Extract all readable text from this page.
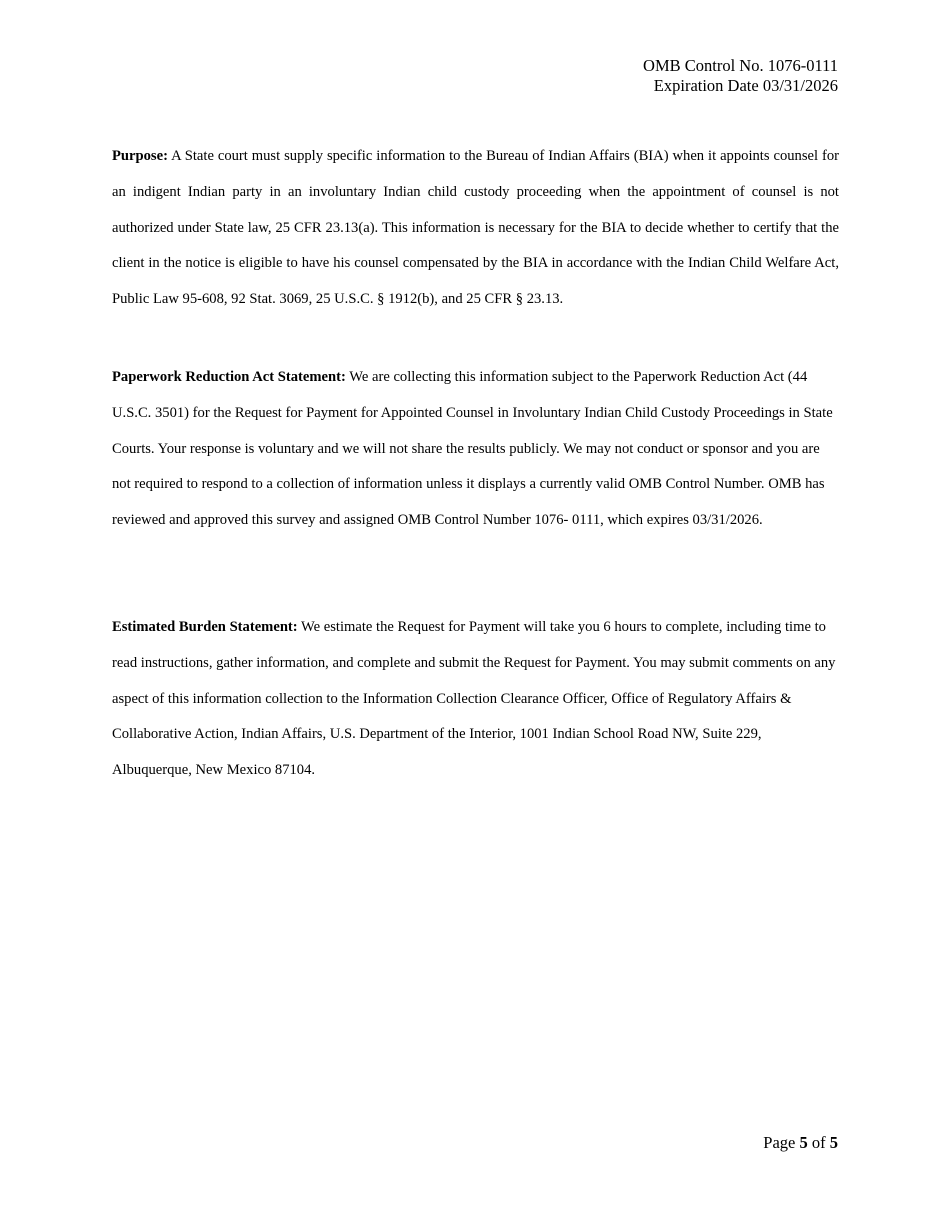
OMB Control No. 1076-0111
Expiration Date 03/31/2026

Purpose: A State court must supply specific information to the Bureau of Indian Affairs (BIA) when it appoints counsel for an indigent Indian party in an involuntary Indian child custody proceeding when the appointment of counsel is not authorized under State law, 25 CFR 23.13(a). This information is necessary for the BIA to decide whether to certify that the client in the notice is eligible to have his counsel compensated by the BIA in accordance with the Indian Child Welfare Act, Public Law 95-608, 92 Stat. 3069, 25 U.S.C. § 1912(b), and 25 CFR § 23.13.

Paperwork Reduction Act Statement: We are collecting this information subject to the Paperwork Reduction Act (44 U.S.C. 3501) for the Request for Payment for Appointed Counsel in Involuntary Indian Child Custody Proceedings in State Courts. Your response is voluntary and we will not share the results publicly. We may not conduct or sponsor and you are not required to respond to a collection of information unless it displays a currently valid OMB Control Number. OMB has reviewed and approved this survey and assigned OMB Control Number 1076- 0111, which expires 03/31/2026.

Estimated Burden Statement: We estimate the Request for Payment will take you 6 hours to complete, including time to read instructions, gather information, and complete and submit the Request for Payment. You may submit comments on any aspect of this information collection to the Information Collection Clearance Officer, Office of Regulatory Affairs & Collaborative Action, Indian Affairs, U.S. Department of the Interior, 1001 Indian School Road NW, Suite 229, Albuquerque, New Mexico 87104.

Page 5 of 5
